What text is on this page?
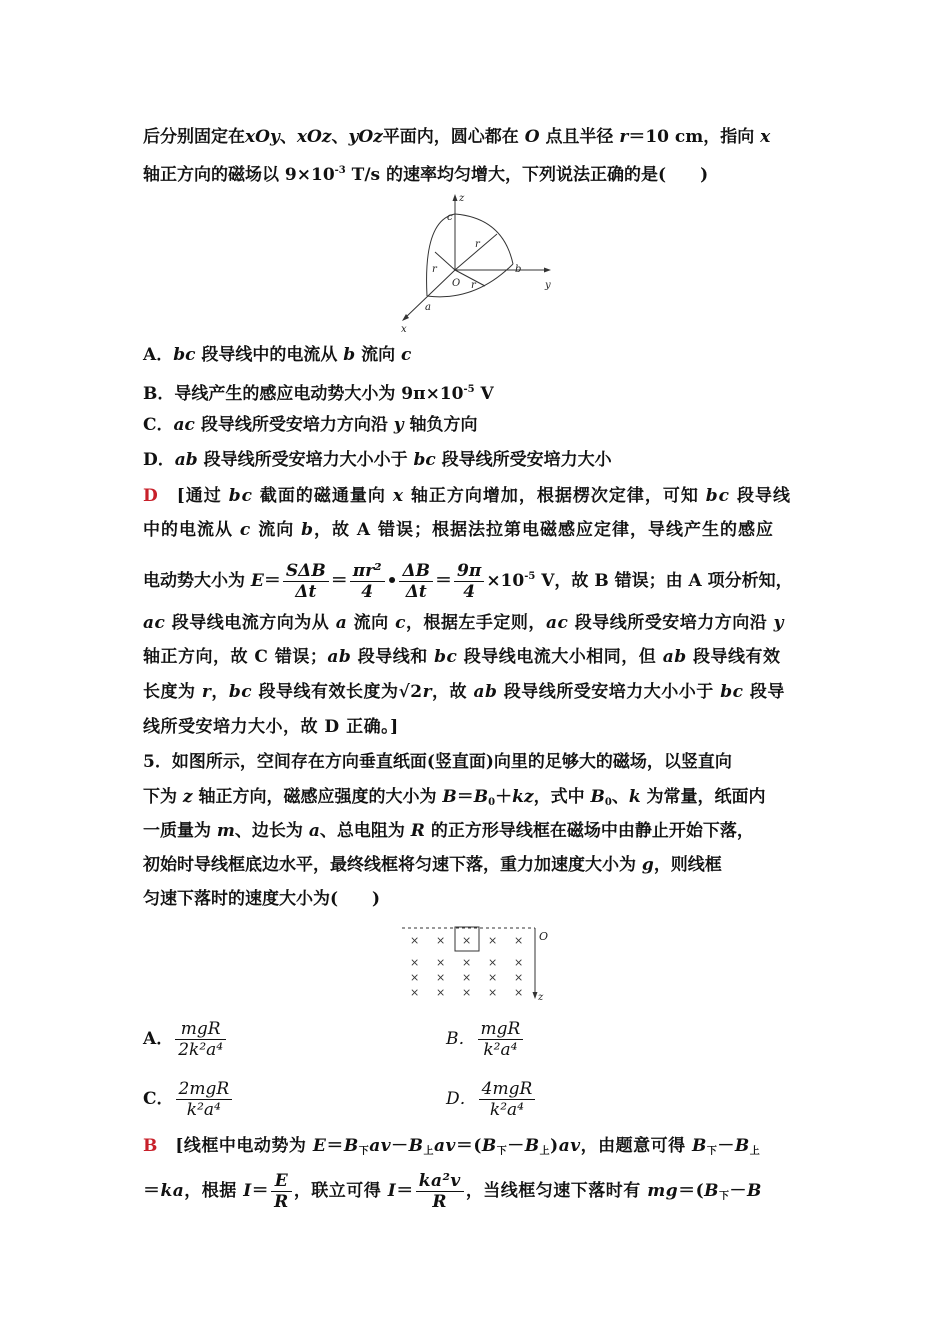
后分别固定在xOy、xOz、yOz平面内，圆心都在 O 点且半径 r＝10 cm，指向 x
轴正方向的磁场以 $9\times 10^{-3}$ T/s 的速率均匀增大，下列说法正确的是(　　)
z
c
r
r
r
b
O	y
a
x
A．bc 段导线中的电流从 b 流向 c
B．导线产生的感应电动势大小为 $9\pi\times 10^{-5}$ V
C．ac 段导线所受安培力方向沿 y 轴负方向
D．ab 段导线所受安培力大小小于 bc 段导线所受安培力大小
D　 [通过 bc 截面的磁通量向 x 轴正方向增加，根据楞次定律，可知 bc 段导线
中的电流从 c 流向 b，故 A 错误；根据法拉第电磁感应定律，导线产生的感应
电动势大小为 $E= \frac{\text{SΔB}}{\Delta t} = \frac{\text{πr²}}{4}$ • $\frac{\Delta B}{\Delta t} = \frac{9\pi}{4} \times 10^{-5}$ V，故 B 错误；由 A 项分析知，
ac 段导线电流方向为从 a 流向 c，根据左手定则，ac 段导线所受安培力方向沿 y
轴正方向，故 C 错误；ab 段导线和 bc 段导线电流大小相同，但 ab 段导线有效
长度为 r，bc 段导线有效长度为√2r，故 ab 段导线所受安培力大小小于 bc 段导
线所受安培力大小，故 D 正确。]
5．如图所示，空间存在方向垂直纸面(竖直面)向里的足够大的磁场，以竖直向
下为 z 轴正方向，磁感应强度的大小为 $B=B_0+kz$，式中 $B_0$、k 为常量，纸面内
一质量为 m、边长为 a、总电阻为 R 的正方形导线框在磁场中由静止开始下落，
初始时导线框底边水平，最终线框将匀速下落，重力加速度大小为 g，则线框
匀速下落时的速度大小为(　　)
O
z
× × × × ×
× × × × ×
× × × × ×
× × × × ×
A． $\frac{\text{mgR}}{\text{2k²a⁴}}$	B． $\frac{\text{mgR}}{\text{k²a⁴}}$
C． $\frac{\text{2mgR}}{\text{k²a⁴}}$	D． $\frac{\text{4mgR}}{\text{k²a⁴}}$
B　 [线框中电动势为 $E=B_下av-B_上av=(B_下-B_上)av$，由题意可得 $B_下-B_上$
＝ka，根据 $I= \frac{E}{R}$ ，联立可得 $I= \frac{\text{ka²v}}{R}$ ，当线框匀速下落时有 $mg=(B_下-B$
